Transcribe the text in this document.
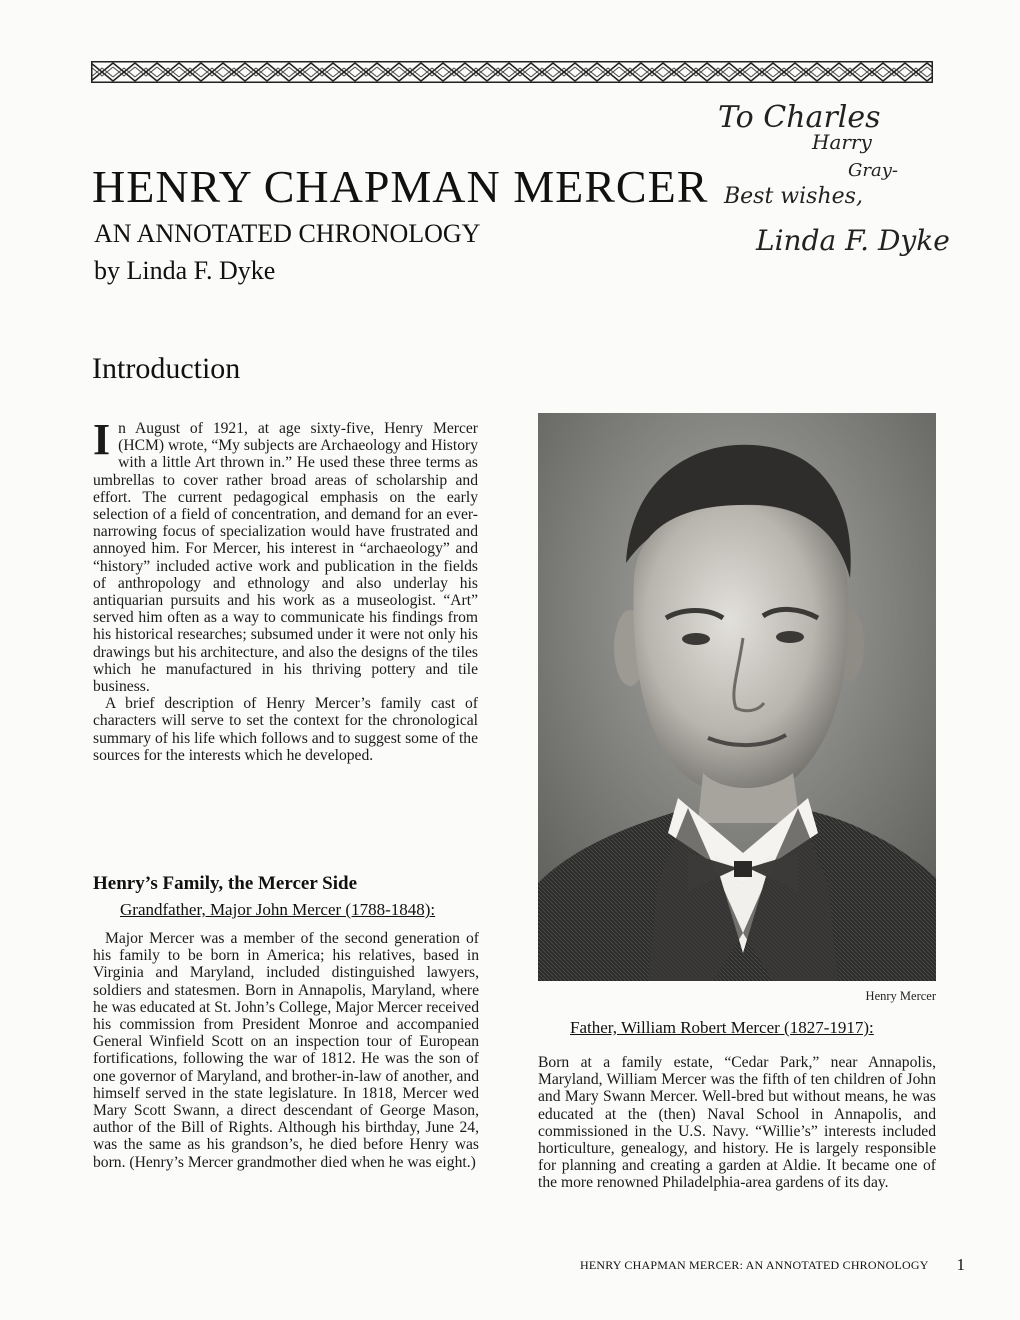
HENRY CHAPMAN MERCER
AN ANNOTATED CHRONOLOGY

by Linda F. Dyke

To Charles
Harry
Gray-
Best wishes,
Linda F. Dyke
Introduction

In August of 1921, at age sixty-five, Henry Mercer (HCM) wrote, “My subjects are Archaeology and History with a little Art thrown in.” He used these three terms as umbrellas to cover rather broad areas of scholarship and effort. The current pedagogical emphasis on the early selection of a field of concentration, and demand for an ever-narrowing focus of specialization would have frustrated and annoyed him. For Mercer, his interest in “archaeology” and “history” included active work and publication in the fields of anthropology and ethnology and also underlay his antiquarian pursuits and his work as a museologist. “Art” served him often as a way to communicate his findings from his historical researches; subsumed under it were not only his drawings but his architecture, and also the designs of the tiles which he manufactured in his thriving pottery and tile business.

A brief description of Henry Mercer’s family cast of characters will serve to set the context for the chronological summary of his life which follows and to suggest some of the sources for the interests which he developed.

Henry Mercer
Henry’s Family, the Mercer Side
Grandfather, Major John Mercer (1788-1848):

Major Mercer was a member of the second generation of his family to be born in America; his relatives, based in Virginia and Maryland, included distinguished lawyers, soldiers and statesmen. Born in Annapolis, Maryland, where he was educated at St. John’s College, Major Mercer received his commission from President Monroe and accompanied General Winfield Scott on an inspection tour of European fortifications, following the war of 1812. He was the son of one governor of Maryland, and brother-in-law of another, and himself served in the state legislature. In 1818, Mercer wed Mary Scott Swann, a direct descendant of George Mason, author of the Bill of Rights. Although his birthday, June 24, was the same as his grandson’s, he died before Henry was born. (Henry’s Mercer grandmother died when he was eight.)

Father, William Robert Mercer (1827-1917):

Born at a family estate, “Cedar Park,” near Annapolis, Maryland, William Mercer was the fifth of ten children of John and Mary Swann Mercer. Well-bred but without means, he was educated at the (then) Naval School in Annapolis, and commissioned in the U.S. Navy. “Willie’s” interests included horticulture, genealogy, and history. He is largely responsible for planning and creating a garden at Aldie. It became one of the more renowned Philadelphia-area gardens of its day.

HENRY CHAPMAN MERCER: AN ANNOTATED CHRONOLOGY 1
